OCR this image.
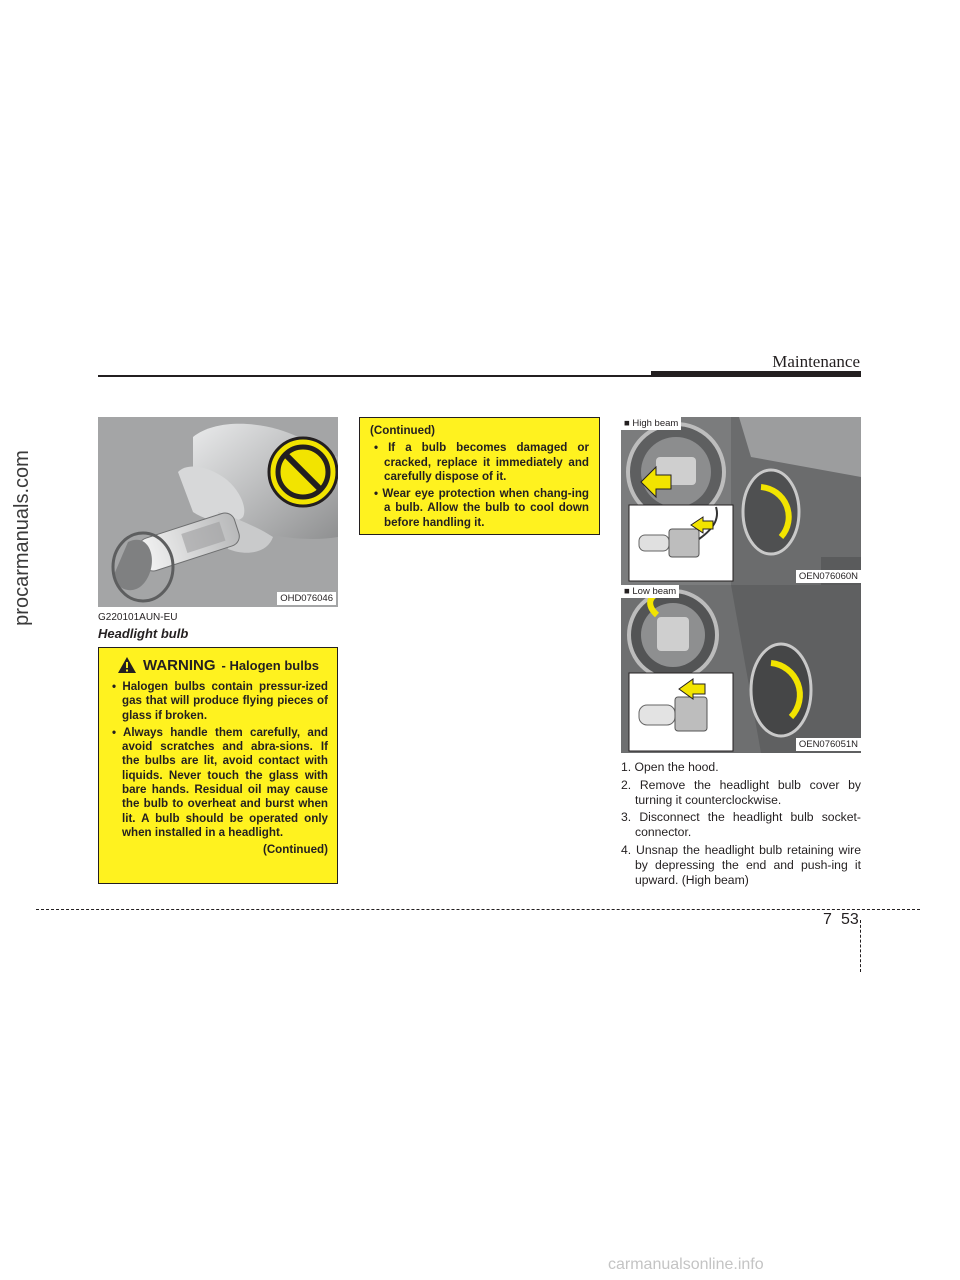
Maintenance
OHD076046
G220101AUN-EU
Headlight bulb
WARNING - Halogen bulbs
• Halogen bulbs contain pressur-ized gas that will produce flying pieces of glass if broken.
• Always handle them carefully, and avoid scratches and abra-sions. If the bulbs are lit, avoid contact with liquids. Never touch the glass with bare hands. Residual oil may cause the bulb to overheat and burst when lit. A bulb should be operated only when installed in a headlight.
(Continued)
(Continued)
• If a bulb becomes damaged or cracked, replace it immediately and carefully dispose of it.
• Wear eye protection when chang-ing a bulb. Allow the bulb to cool down before handling it.
■ High beam
OEN076060N
■ Low beam
OEN076051N
1. Open the hood.
2. Remove the headlight bulb cover by turning it counterclockwise.
3. Disconnect the headlight bulb socket-connector.
4. Unsnap the headlight bulb retaining wire by depressing the end and push-ing it upward. (High beam)
7 53
procarmanuals.com
carmanualsonline.info
